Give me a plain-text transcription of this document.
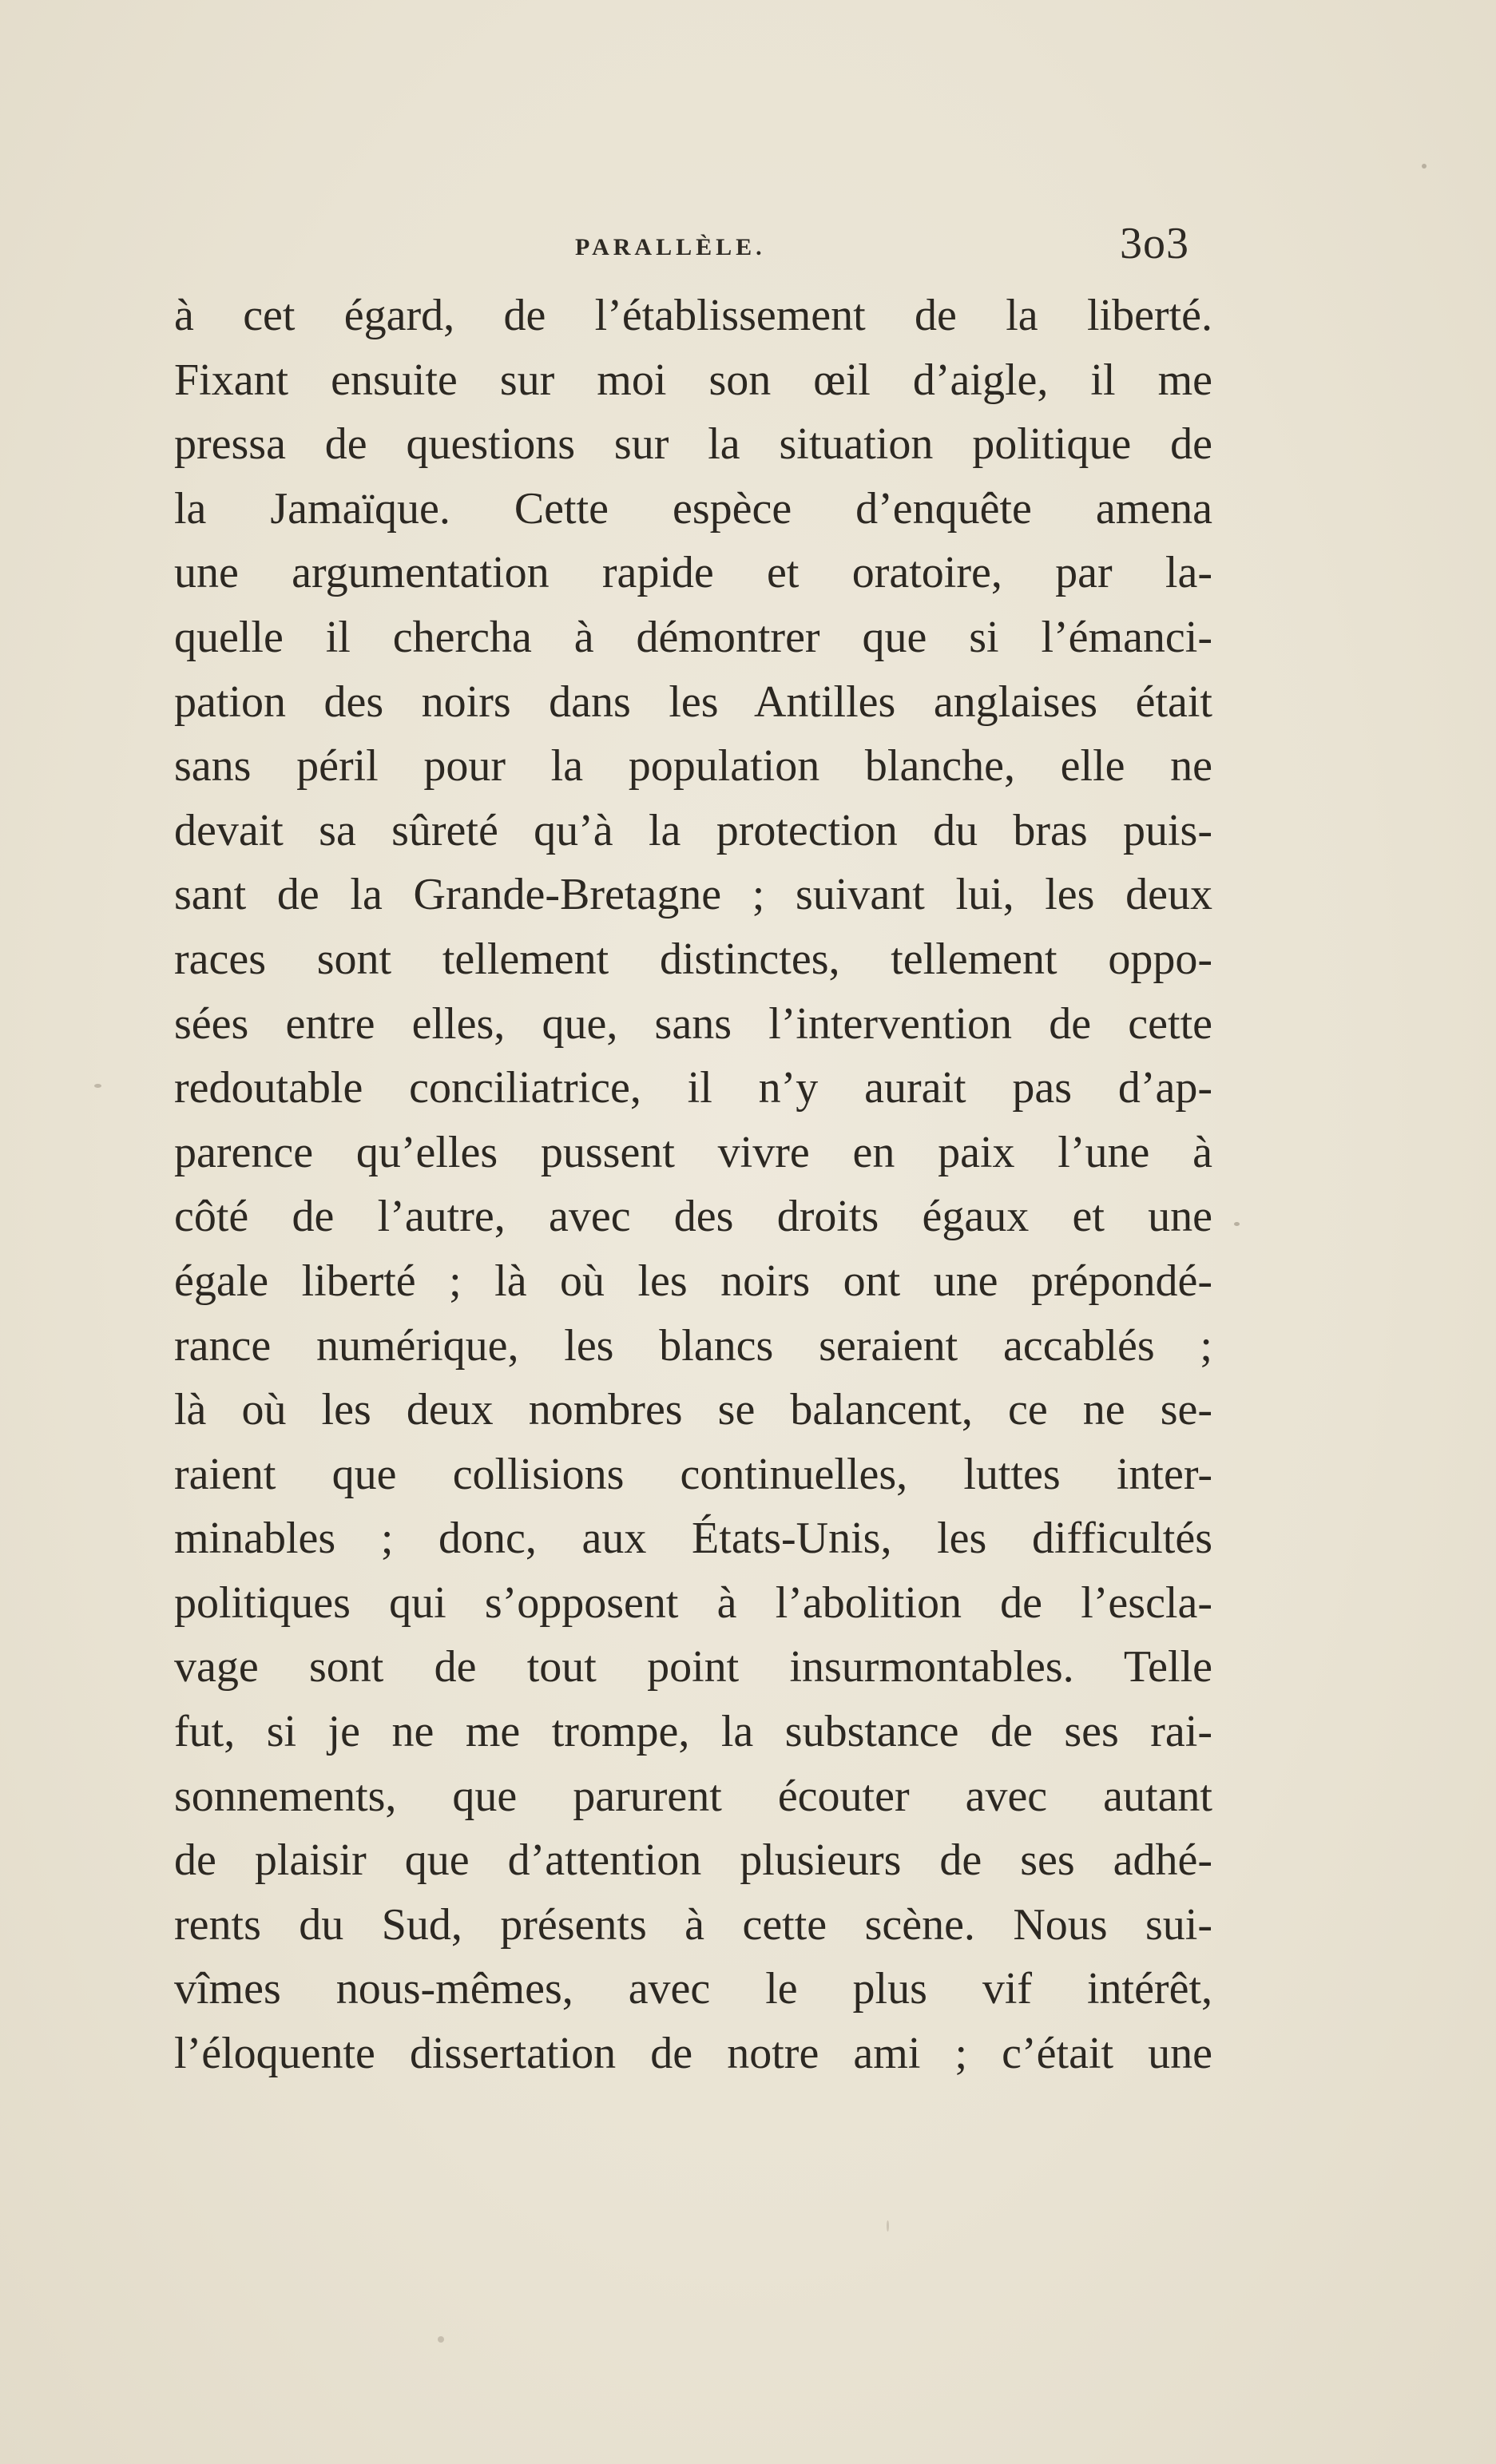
PARALLÈLE.	3o3
à cet égard, de l’établissement de la liberté.
Fixant ensuite sur moi son œil d’aigle, il me
pressa de questions sur la situation politique de
la Jamaïque. Cette espèce d’enquête amena
une argumentation rapide et oratoire, par la-
quelle il chercha à démontrer que si l’émanci-
pation des noirs dans les Antilles anglaises était
sans péril pour la population blanche, elle ne
devait sa sûreté qu’à la protection du bras puis-
sant de la Grande-Bretagne ; suivant lui, les deux
races sont tellement distinctes, tellement oppo-
sées entre elles, que, sans l’intervention de cette
redoutable conciliatrice, il n’y aurait pas d’ap-
parence qu’elles pussent vivre en paix l’une à
côté de l’autre, avec des droits égaux et une
égale liberté ; là où les noirs ont une prépondé-
rance numérique, les blancs seraient accablés ;
là où les deux nombres se balancent, ce ne se-
raient que collisions continuelles, luttes inter-
minables ; donc, aux États-Unis, les difficultés
politiques qui s’opposent à l’abolition de l’escla-
vage sont de tout point insurmontables. Telle
fut, si je ne me trompe, la substance de ses rai-
sonnements, que parurent écouter avec autant
de plaisir que d’attention plusieurs de ses adhé-
rents du Sud, présents à cette scène. Nous sui-
vîmes nous-mêmes, avec le plus vif intérêt,
l’éloquente dissertation de notre ami ; c’était une
